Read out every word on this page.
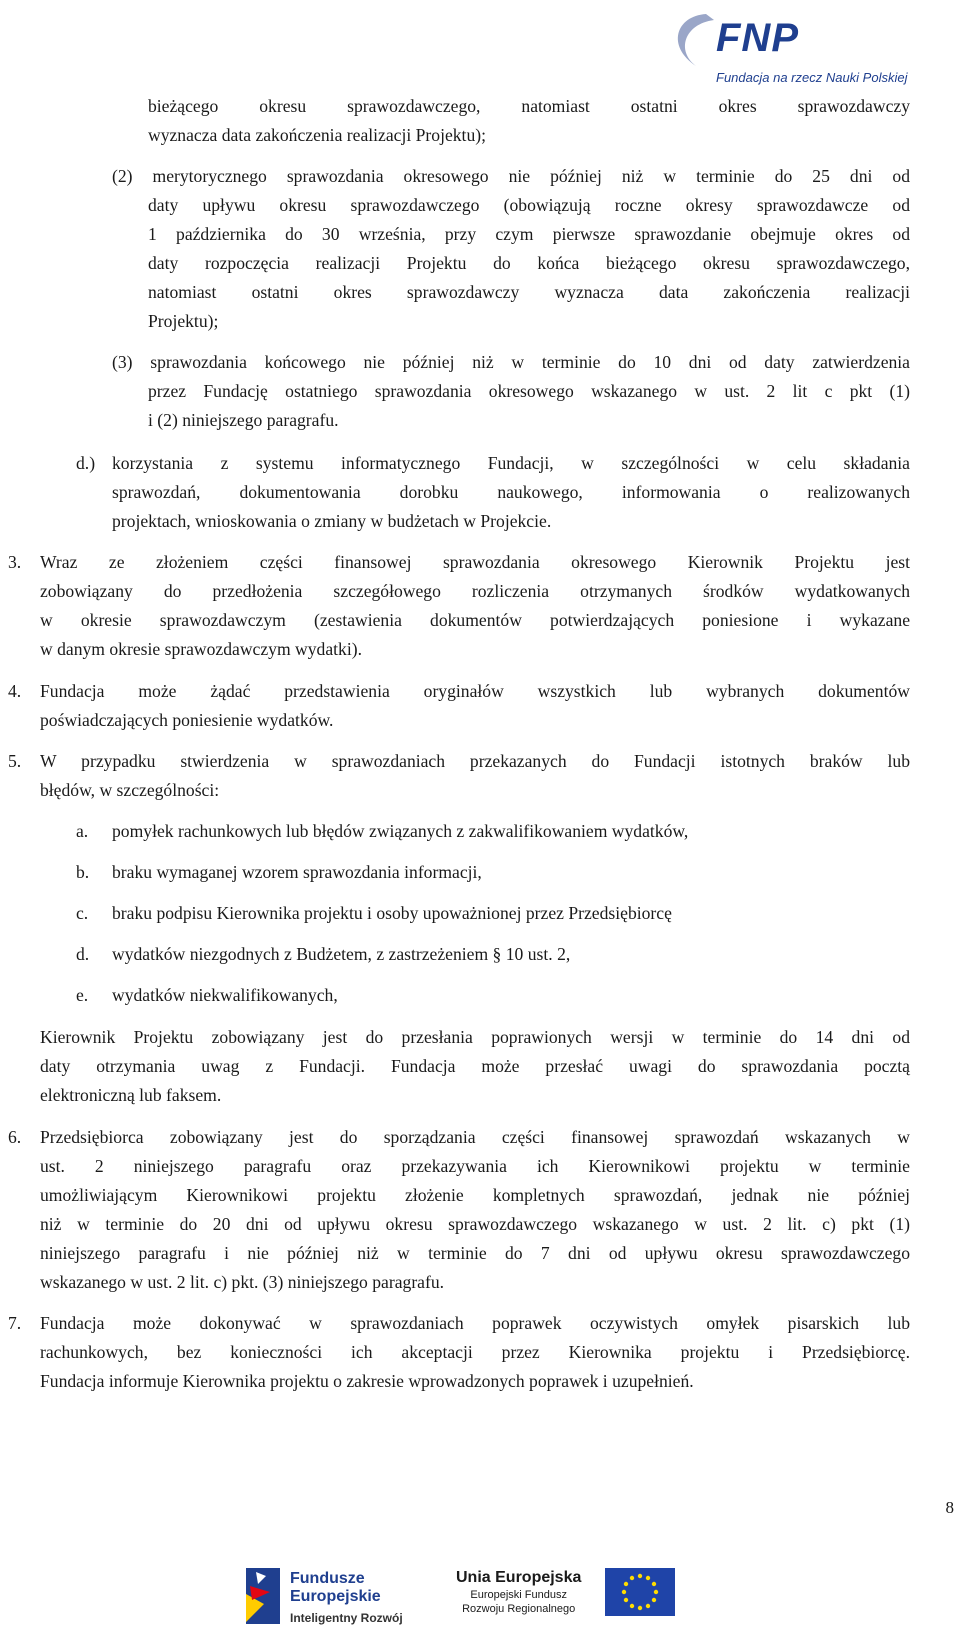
FNP
Fundacja na rzecz Nauki Polskiej
bieżącego okresu sprawozdawczego, natomiast ostatni okres sprawozdawczy
wyznacza data zakończenia realizacji Projektu);
(2) merytorycznego sprawozdania okresowego nie później niż w terminie do 25 dni od
daty upływu okresu sprawozdawczego (obowiązują roczne okresy sprawozdawcze od
1 października do 30 września, przy czym pierwsze sprawozdanie obejmuje okres od
daty rozpoczęcia realizacji Projektu do końca bieżącego okresu sprawozdawczego,
natomiast ostatni okres sprawozdawczy wyznacza data zakończenia realizacji
Projektu);
(3) sprawozdania końcowego nie później niż w terminie do 10 dni od daty zatwierdzenia
przez Fundację ostatniego sprawozdania okresowego wskazanego w ust. 2 lit c pkt (1)
i (2) niniejszego paragrafu.
d.) korzystania z systemu informatycznego Fundacji, w szczególności w celu składania
sprawozdań, dokumentowania dorobku naukowego, informowania o realizowanych
projektach, wnioskowania o zmiany w budżetach w Projekcie.
3. Wraz ze złożeniem części finansowej sprawozdania okresowego Kierownik Projektu jest
zobowiązany do przedłożenia szczegółowego rozliczenia otrzymanych środków wydatkowanych
w okresie sprawozdawczym (zestawienia dokumentów potwierdzających poniesione i wykazane
w danym okresie sprawozdawczym wydatki).
4. Fundacja może żądać przedstawienia oryginałów wszystkich lub wybranych dokumentów
poświadczających poniesienie wydatków.
5. W przypadku stwierdzenia w sprawozdaniach przekazanych do Fundacji istotnych braków lub
błędów, w szczególności:
a. pomyłek rachunkowych lub błędów związanych z zakwalifikowaniem wydatków,
b. braku wymaganej wzorem sprawozdania informacji,
c. braku podpisu Kierownika projektu i osoby upoważnionej przez Przedsiębiorcę
d. wydatków niezgodnych z Budżetem, z zastrzeżeniem § 10 ust. 2,
e. wydatków niekwalifikowanych,
Kierownik Projektu zobowiązany jest do przesłania poprawionych wersji w terminie do 14 dni od
daty otrzymania uwag z Fundacji. Fundacja może przesłać uwagi do sprawozdania pocztą
elektroniczną lub faksem.
6. Przedsiębiorca zobowiązany jest do sporządzania części finansowej sprawozdań wskazanych w
ust. 2 niniejszego paragrafu oraz przekazywania ich Kierownikowi projektu w terminie
umożliwiającym Kierownikowi projektu złożenie kompletnych sprawozdań, jednak nie później
niż w terminie do 20 dni od upływu okresu sprawozdawczego wskazanego w ust. 2 lit. c) pkt (1)
niniejszego paragrafu i nie później niż w terminie do 7 dni od upływu okresu sprawozdawczego
wskazanego w ust. 2 lit. c) pkt. (3) niniejszego paragrafu.
7. Fundacja może dokonywać w sprawozdaniach poprawek oczywistych omyłek pisarskich lub
rachunkowych, bez konieczności ich akceptacji przez Kierownika projektu i Przedsiębiorcę.
Fundacja informuje Kierownika projektu o zakresie wprowadzonych poprawek i uzupełnień.
8
Fundusze
Europejskie
Inteligentny Rozwój
Unia Europejska
Europejski Fundusz
Rozwoju Regionalnego
